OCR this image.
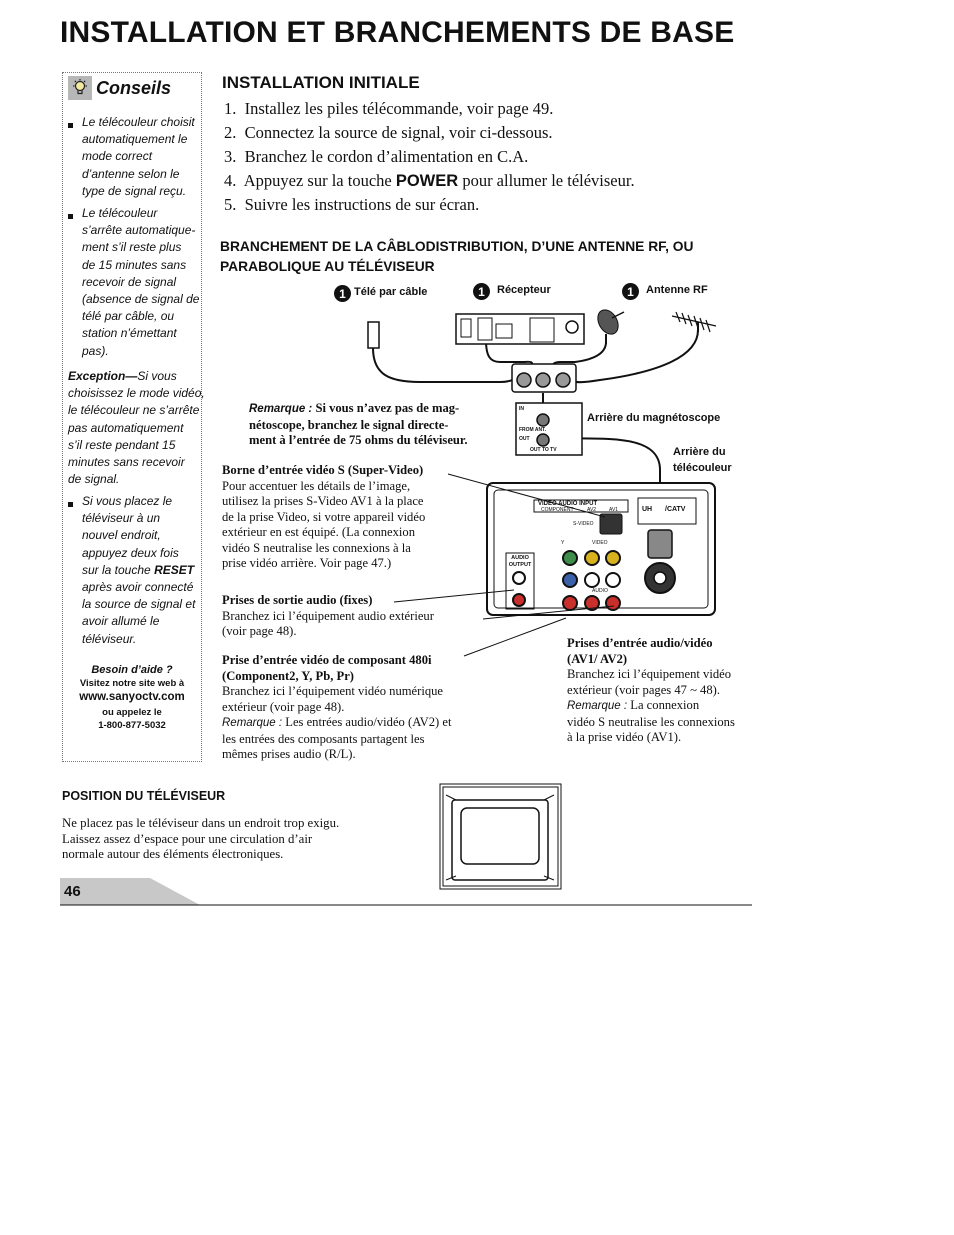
INSTALLATION ET BRANCHEMENTS DE BASE
Conseils
Le télécouleur choisit
automatiquement le
mode correct
d’antenne selon le
type de signal reçu.
Le télécouleur
s’arrête automatique-
ment s’il reste plus
de 15 minutes sans
recevoir de signal
(absence de signal de
télé par câble, ou
station n’émettant
pas).
Exception—Si vous
choisissez le mode vidéo,
le télécouleur ne s’arrête
pas automatiquement
s’il reste pendant 15
minutes sans recevoir
de signal.
Si vous placez le
téléviseur à un
nouvel endroit,
appuyez deux fois
sur la touche RESET
après avoir connecté
la source de signal et
avoir allumé le
téléviseur.
Besoin d’aide ?
Visitez notre site web à
www.sanyoctv.com
ou appelez le
1-800-877-5032
INSTALLATION INITIALE
1. Installez les piles télécommande, voir page 49.
2. Connectez la source de signal, voir ci-dessous.
3. Branchez le cordon d’alimentation en C.A.
4. Appuyez sur la touche POWER pour allumer le téléviseur.
5. Suivre les instructions de sur écran.
BRANCHEMENT DE LA CÂBLODISTRIBUTION, D’UNE ANTENNE RF, OU
PARABOLIQUE AU TÉLÉVISEUR
1 Télé par câble	1	Récepteur	1	Antenne RF
Arrière du magnétoscope
Arrière du
télécouleur
VIDEO AUDIO INPUT
COMPONENT	AV2	AV1
S-VIDEO
VIDEO
AUDIO
Y
AUDIO OUTPUT
UH /CATV
IN
FROM ANT.
OUT
OUT TO TV
Remarque : Si vous n’avez pas de mag-
nétoscope, branchez le signal directe-
ment à l’entrée de 75 ohms du téléviseur.
Borne d’entrée vidéo S (Super-Video)
Pour accentuer les détails de l’image,
utilisez la prises S-Video AV1 à la place
de la prise Video, si votre appareil vidéo
extérieur en est équipé. (La connexion
vidéo S neutralise les connexions à la
prise vidéo arrière. Voir page 47.)
Prises de sortie audio (fixes)
Branchez ici l’équipement audio extérieur
(voir page 48).
Prise d’entrée vidéo de composant 480i
(Component2, Y, Pb, Pr)
Branchez ici l’équipement vidéo numérique
extérieur (voir page 48).
Remarque : Les entrées audio/vidéo (AV2) et
les entrées des composants partagent les
mêmes prises audio (R/L).
Prises d’entrée audio/vidéo
(AV1/ AV2)
Branchez ici l’équipement vidéo
extérieur (voir pages 47 ~ 48).
Remarque : La connexion
vidéo S neutralise les connexions
à la prise vidéo (AV1).
POSITION DU TÉLÉVISEUR
Ne placez pas le téléviseur dans un endroit trop exigu.
Laissez assez d’espace pour une circulation d’air
normale autour des éléments électroniques.
46
